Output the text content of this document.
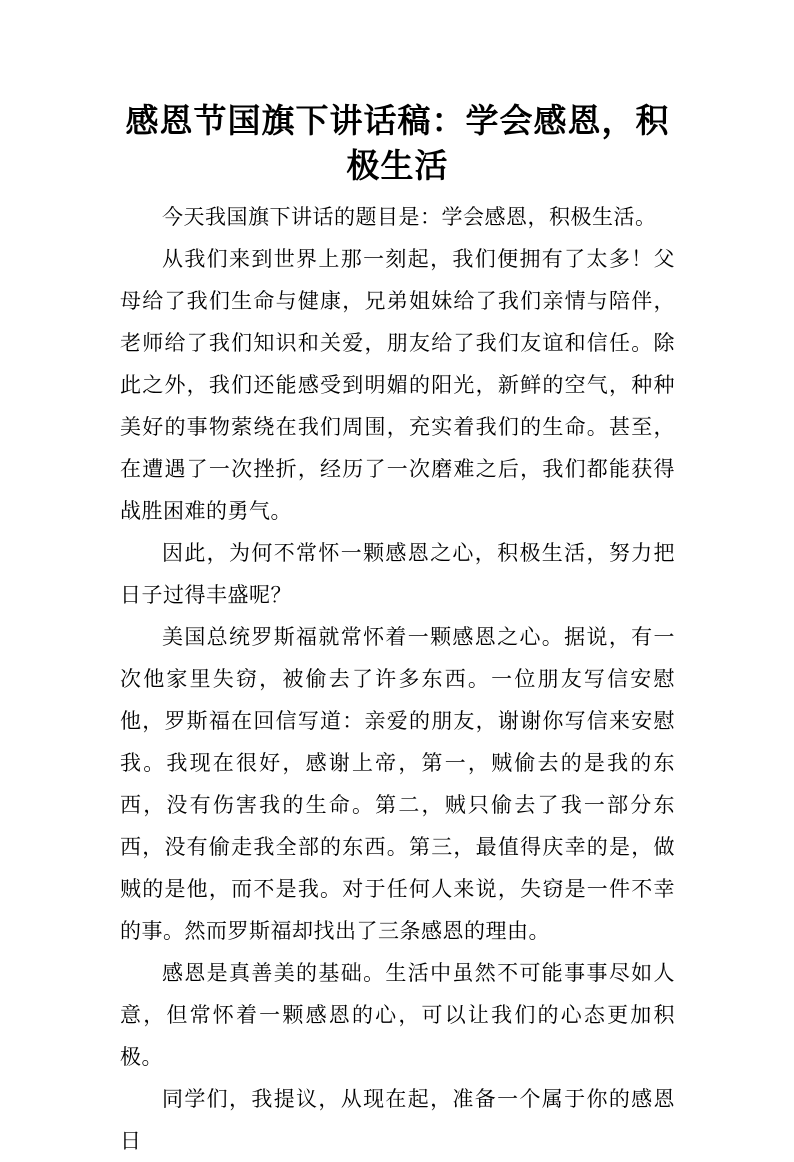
感恩节国旗下讲话稿：学会感恩，积极生活

今天我国旗下讲话的题目是：学会感恩，积极生活。

从我们来到世界上那一刻起，我们便拥有了太多！父母给了我们生命与健康，兄弟姐妹给了我们亲情与陪伴，老师给了我们知识和关爱，朋友给了我们友谊和信任。除此之外，我们还能感受到明媚的阳光，新鲜的空气，种种美好的事物萦绕在我们周围，充实着我们的生命。甚至，在遭遇了一次挫折，经历了一次磨难之后，我们都能获得战胜困难的勇气。

因此，为何不常怀一颗感恩之心，积极生活，努力把日子过得丰盛呢？

美国总统罗斯福就常怀着一颗感恩之心。据说，有一次他家里失窃，被偷去了许多东西。一位朋友写信安慰他，罗斯福在回信写道：亲爱的朋友，谢谢你写信来安慰我。我现在很好，感谢上帝，第一，贼偷去的是我的东西，没有伤害我的生命。第二，贼只偷去了我一部分东西，没有偷走我全部的东西。第三，最值得庆幸的是，做贼的是他，而不是我。对于任何人来说，失窃是一件不幸的事。然而罗斯福却找出了三条感恩的理由。

感恩是真善美的基础。生活中虽然不可能事事尽如人意，但常怀着一颗感恩的心，可以让我们的心态更加积极。

同学们，我提议，从现在起，准备一个属于你的感恩日
